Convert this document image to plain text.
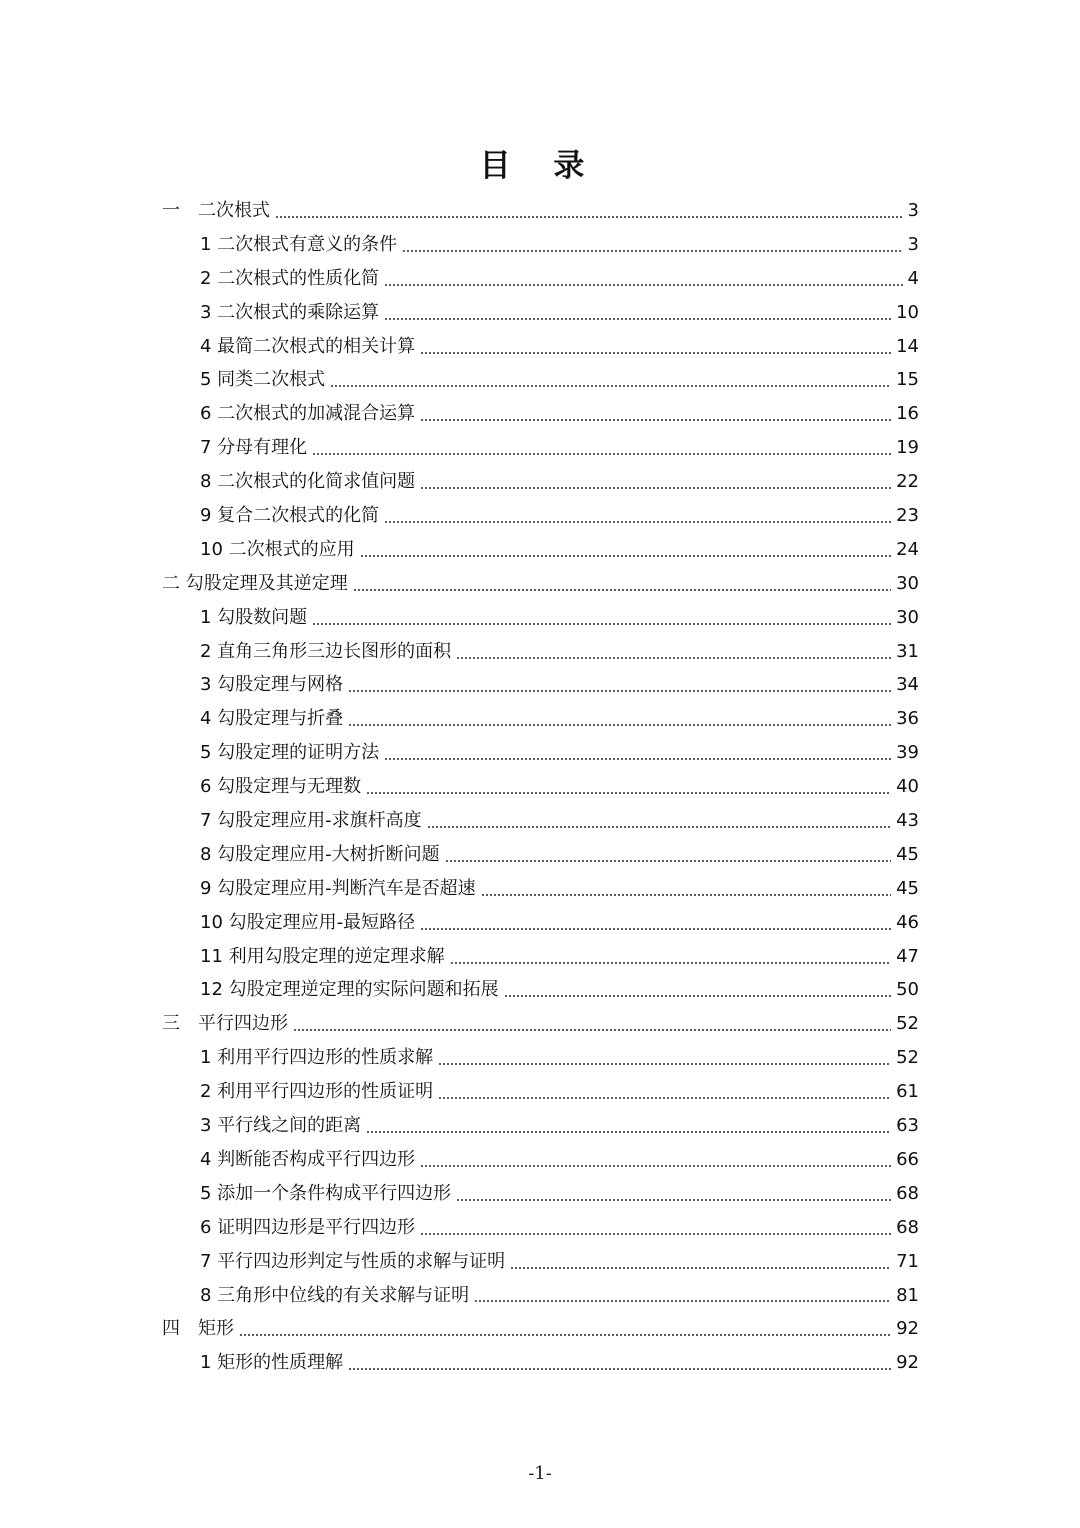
目 录
一　二次根式	3
1 二次根式有意义的条件	3
2 二次根式的性质化简	4
3 二次根式的乘除运算	10
4 最简二次根式的相关计算	14
5 同类二次根式	15
6 二次根式的加减混合运算	16
7 分母有理化	19
8 二次根式的化简求值问题	22
9 复合二次根式的化简	23
10 二次根式的应用	24
二 勾股定理及其逆定理	30
1 勾股数问题	30
2 直角三角形三边长图形的面积	31
3 勾股定理与网格	34
4 勾股定理与折叠	36
5 勾股定理的证明方法	39
6 勾股定理与无理数	40
7 勾股定理应用-求旗杆高度	43
8 勾股定理应用-大树折断问题	45
9 勾股定理应用-判断汽车是否超速	45
10 勾股定理应用-最短路径	46
11 利用勾股定理的逆定理求解	47
12 勾股定理逆定理的实际问题和拓展	50
三　平行四边形	52
1 利用平行四边形的性质求解	52
2 利用平行四边形的性质证明	61
3 平行线之间的距离	63
4 判断能否构成平行四边形	66
5 添加一个条件构成平行四边形	68
6 证明四边形是平行四边形	68
7 平行四边形判定与性质的求解与证明	71
8 三角形中位线的有关求解与证明	81
四　矩形	92
1 矩形的性质理解	92
-1-
